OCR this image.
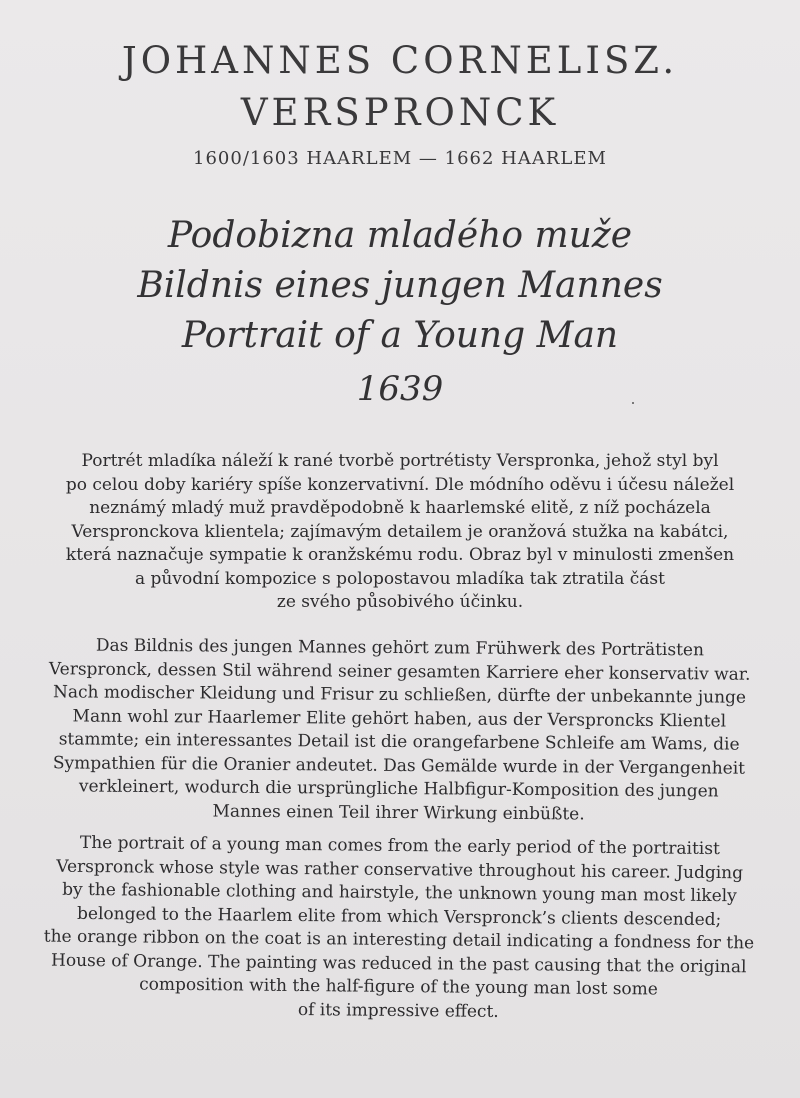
JOHANNES CORNELISZ.
VERSPRONCK
1600/1603 HAARLEM — 1662 HAARLEM
Podobizna mladého muže
Bildnis eines jungen Mannes
Portrait of a Young Man
1639
Portrét mladíka náleží k rané tvorbě portrétisty Verspronka, jehož styl byl
po celou doby kariéry spíše konzervativní. Dle módního oděvu i účesu náležel
neznámý mladý muž pravděpodobně k haarlemské elitě, z níž pocházela
Verspronckova klientela; zajímavým detailem je oranžová stužka na kabátci,
která naznačuje sympatie k oranžskému rodu. Obraz byl v minulosti zmenšen
a původní kompozice s polopostavou mladíka tak ztratila část
ze svého působivého účinku.
Das Bildnis des jungen Mannes gehört zum Frühwerk des Porträtisten
Verspronck, dessen Stil während seiner gesamten Karriere eher konservativ war.
Nach modischer Kleidung und Frisur zu schließen, dürfte der unbekannte junge
Mann wohl zur Haarlemer Elite gehört haben, aus der Versproncks Klientel
stammte; ein interessantes Detail ist die orangefarbene Schleife am Wams, die
Sympathien für die Oranier andeutet. Das Gemälde wurde in der Vergangenheit
verkleinert, wodurch die ursprüngliche Halbfigur-Komposition des jungen
Mannes einen Teil ihrer Wirkung einbüßte.
The portrait of a young man comes from the early period of the portraitist
Verspronck whose style was rather conservative throughout his career. Judging
by the fashionable clothing and hairstyle, the unknown young man most likely
belonged to the Haarlem elite from which Verspronck’s clients descended;
the orange ribbon on the coat is an interesting detail indicating a fondness for the
House of Orange. The painting was reduced in the past causing that the original
composition with the half-figure of the young man lost some
of its impressive effect.
